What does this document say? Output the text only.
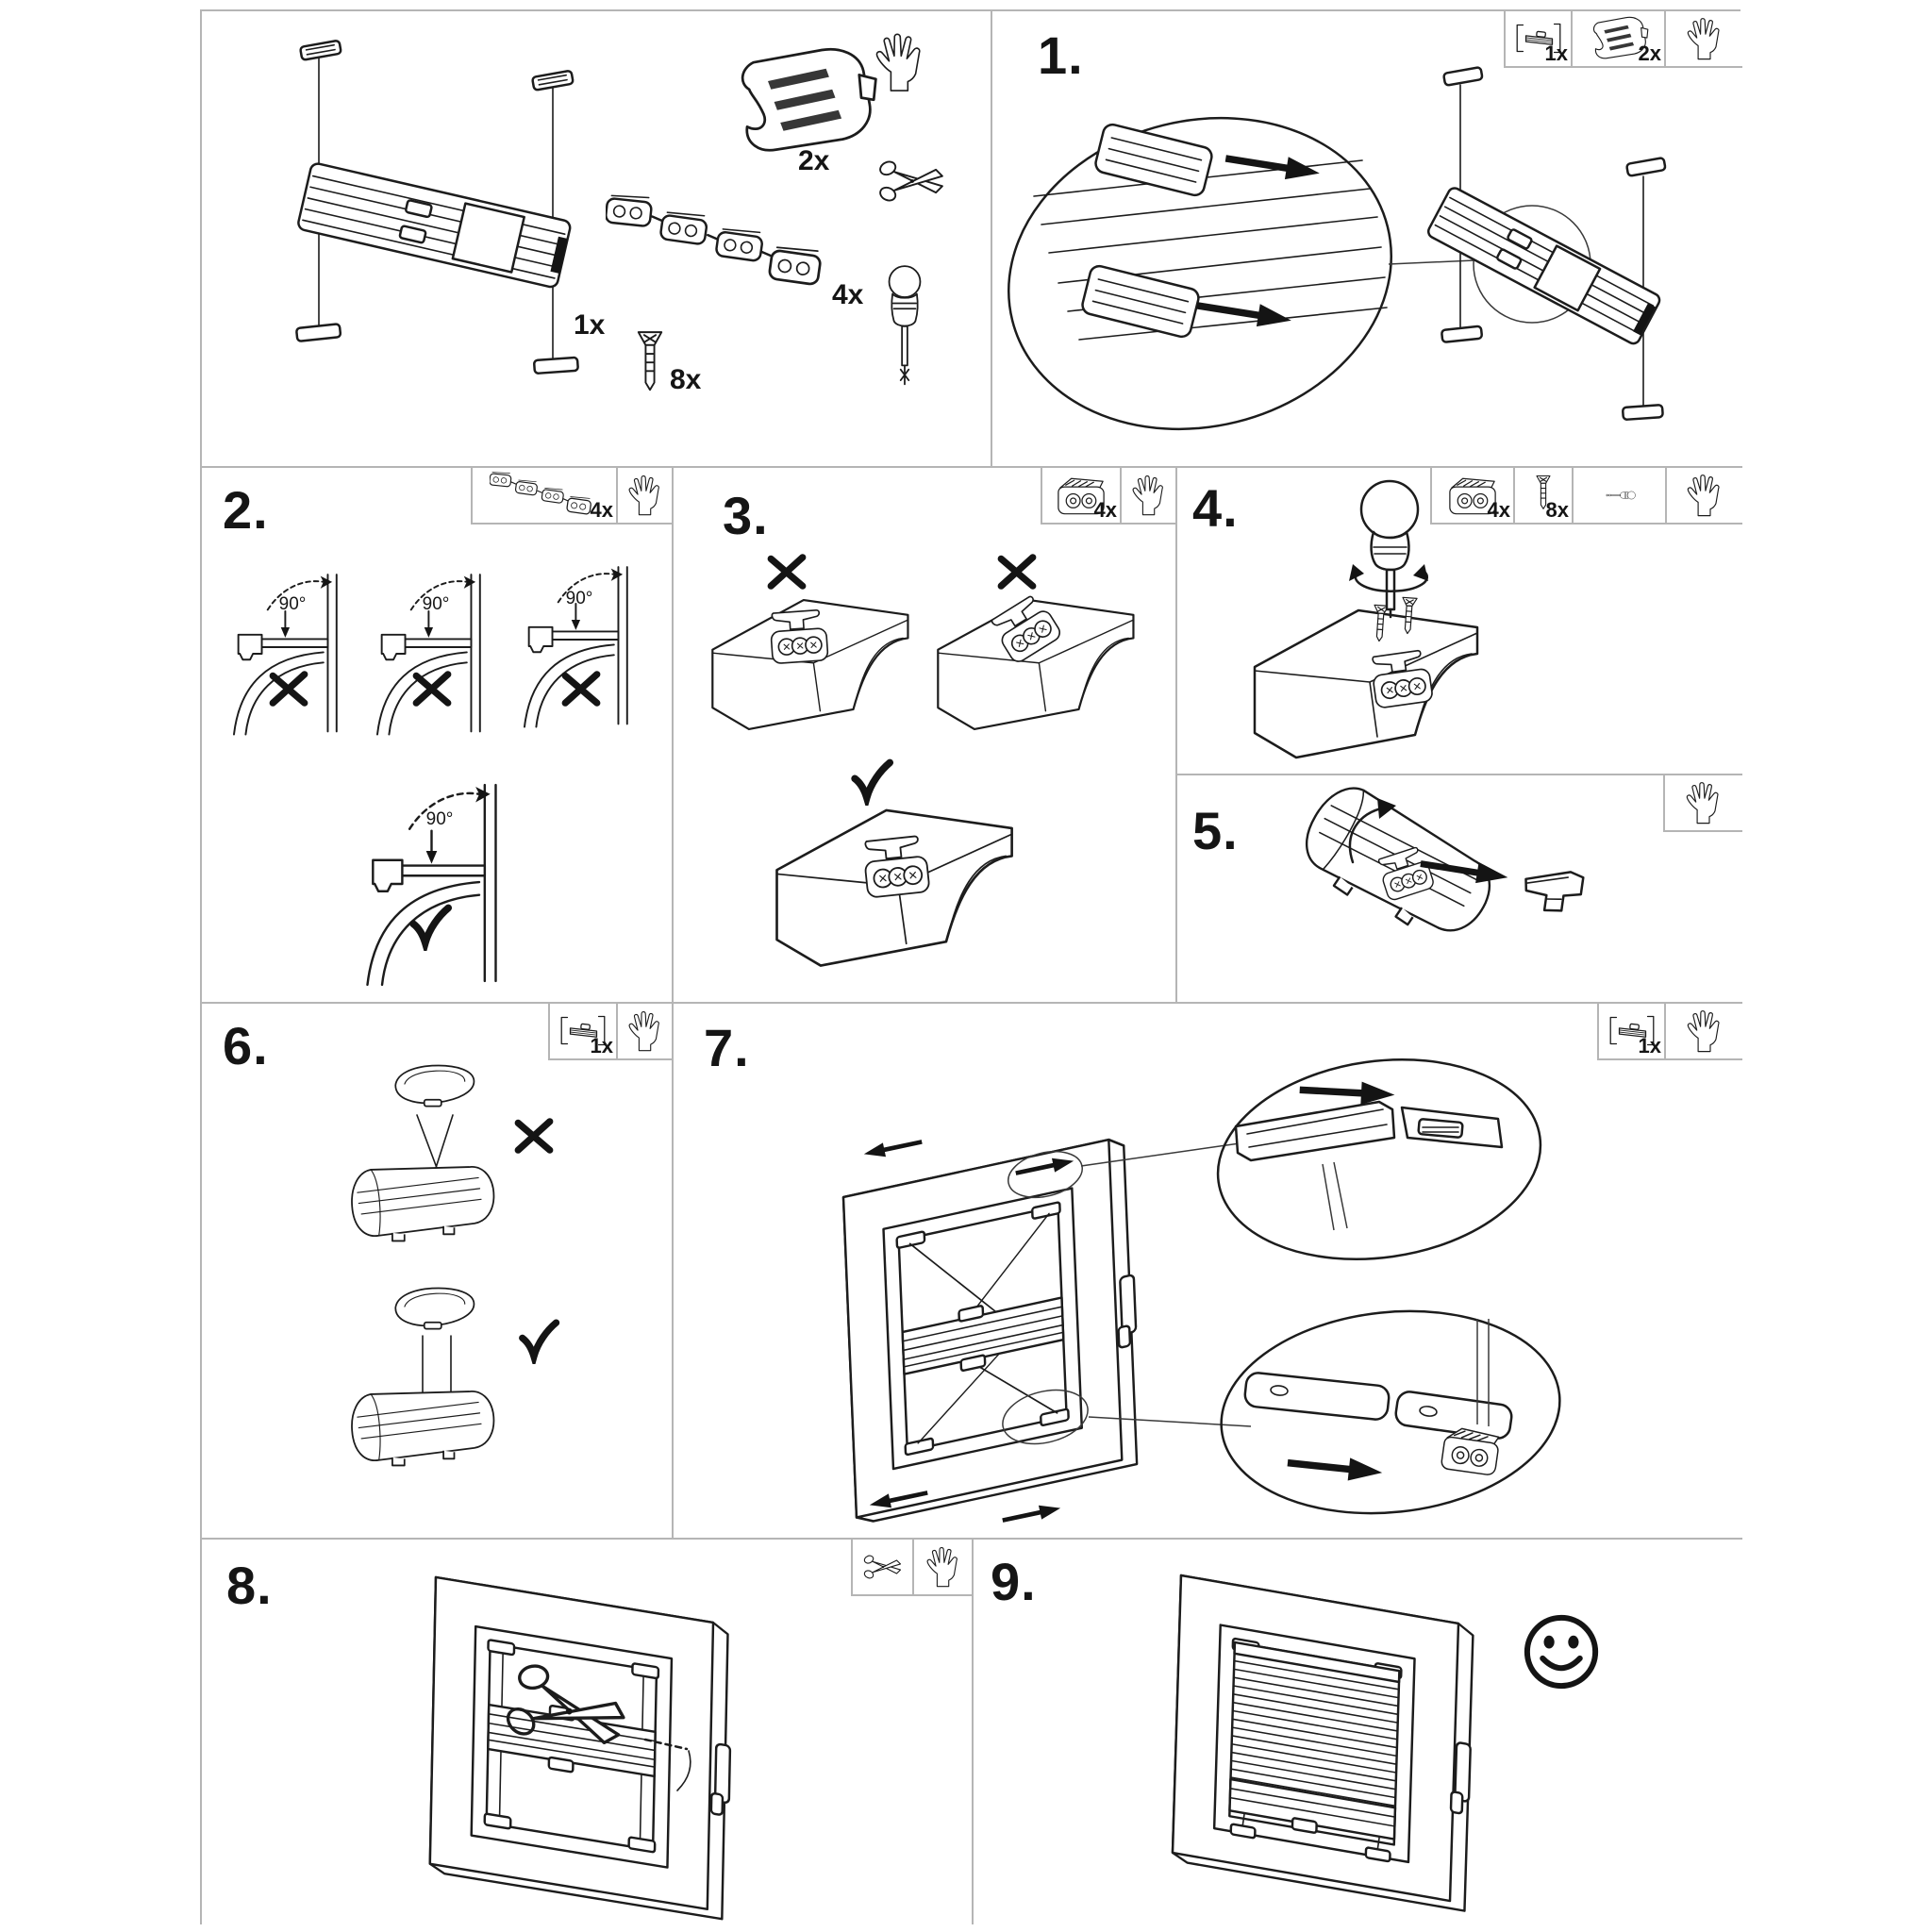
1x
2x
4x
8x
1.	1x	2x
2.	4x
90°	90°	90°
90°
3.	4x 4.	4x 8x
5.
6.	1x 7.	1x
8.	9.
